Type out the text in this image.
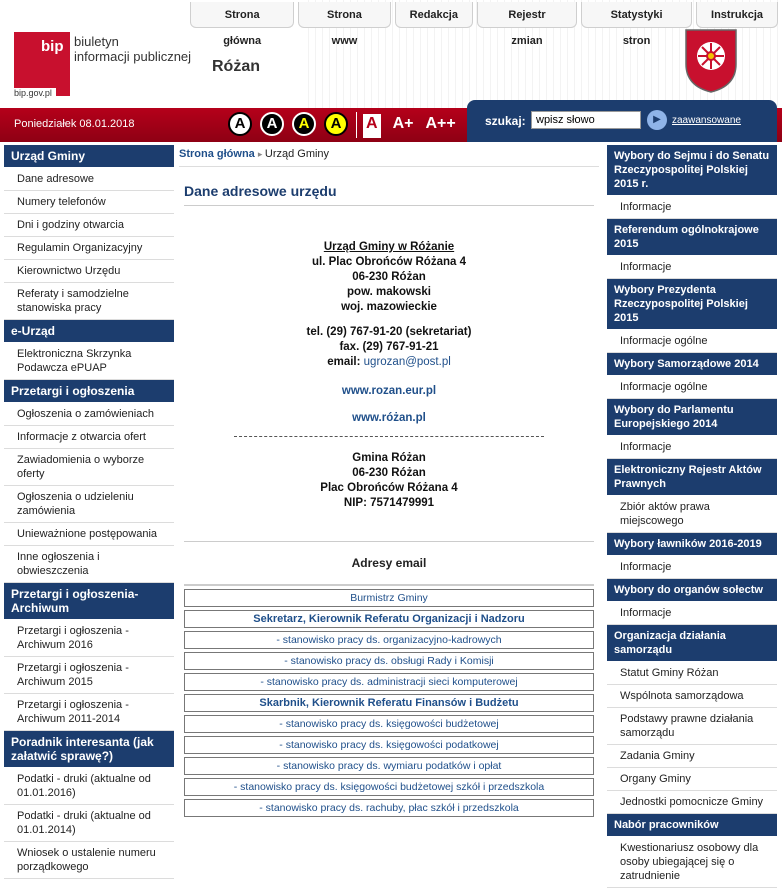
Strona główna
Strona www
Redakcja	Rejestr zmian
Statystyki stron
Instrukcja
bip biuletyn
informacji publicznej
bip.gov.pl
Różan
Poniedziałek 08.01.2018	A	A	A	A	A A+ A++ szukaj:
wpisz słowo	▶	zaawansowane
Urząd Gminy
Dane adresowe
Numery telefonów
Dni i godziny otwarcia
Regulamin Organizacyjny
Kierownictwo Urzędu
Referaty i samodzielne stanowiska pracy
e-Urząd
Elektroniczna Skrzynka Podawcza ePUAP
Przetargi i ogłoszenia
Ogłoszenia o zamówieniach
Informacje z otwarcia ofert
Zawiadomienia o wyborze oferty
Ogłoszenia o udzieleniu zamówienia
Unieważnione postępowania
Inne ogłoszenia i obwieszczenia
Przetargi i ogłoszenia- Archiwum
Przetargi i ogłoszenia - Archiwum 2016
Przetargi i ogłoszenia - Archiwum 2015
Przetargi i ogłoszenia - Archiwum 2011-2014
Poradnik interesanta (jak załatwić sprawę?)
Podatki - druki (aktualne od 01.01.2016)
Podatki - druki (aktualne od 01.01.2014)
Wniosek o ustalenie numeru porządkowego
Strona główna ▸ Urząd Gminy
Dane adresowe urzędu
Urząd Gminy w Różanie
ul. Plac Obrońców Różana 4
06-230 Różan
pow. makowski
woj. mazowieckie
tel. (29) 767-91-20 (sekretariat)
fax. (29) 767-91-21
email: ugrozan@post.pl
www.rozan.eur.pl
www.różan.pl
Gmina Różan
06-230 Różan
Plac Obrońców Różana 4
NIP: 7571479991
Adresy email
Burmistrz Gminy
Sekretarz, Kierownik Referatu Organizacji i Nadzoru
- stanowisko pracy ds. organizacyjno-kadrowych
- stanowisko pracy ds. obsługi Rady i Komisji
- stanowisko pracy ds. administracji sieci komputerowej
Skarbnik, Kierownik Referatu Finansów i Budżetu
- stanowisko pracy ds. księgowości budżetowej
- stanowisko pracy ds. księgowości podatkowej
- stanowisko pracy ds. wymiaru podatków i opłat
- stanowisko pracy ds. księgowości budżetowej szkół i przedszkola
- stanowisko pracy ds. rachuby, płac szkół i przedszkola
Wybory do Sejmu i do Senatu Rzeczypospolitej Polskiej 2015 r.
Informacje
Referendum ogólnokrajowe 2015
Informacje
Wybory Prezydenta Rzeczypospolitej Polskiej 2015
Informacje ogólne
Wybory Samorządowe 2014
Informacje ogólne
Wybory do Parlamentu Europejskiego 2014
Informacje
Elektroniczny Rejestr Aktów Prawnych
Zbiór aktów prawa miejscowego
Wybory ławników 2016-2019
Informacje
Wybory do organów sołectw
Informacje
Organizacja działania samorządu
Statut Gminy Różan
Wspólnota samorządowa
Podstawy prawne działania samorządu
Zadania Gminy
Organy Gminy
Jednostki pomocnicze Gminy
Nabór pracowników
Kwestionariusz osobowy dla osoby ubiegającej się o zatrudnienie
